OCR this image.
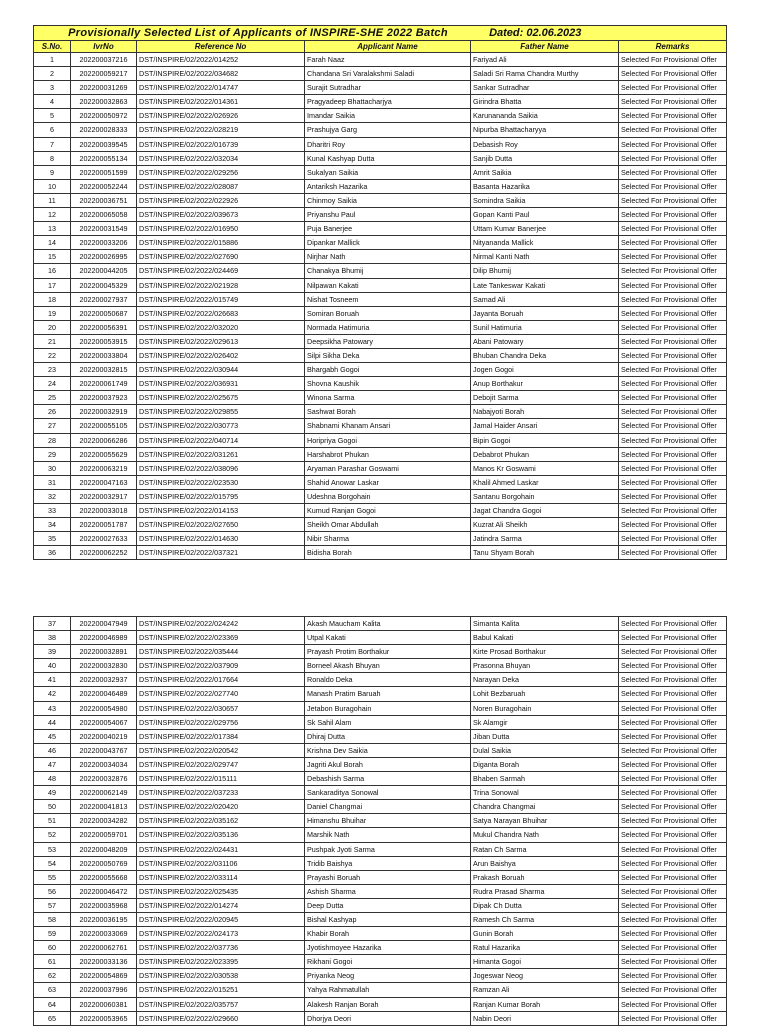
Provisionally Selected List of Applicants of INSPIRE-SHE 2022 Batch Dated: 02.06.2023					
S.No.	IvrNo	Reference No	Applicant Name	Father Name	Remarks
1	202200037216	DST/INSPIRE/02/2022/014252	Farah Naaz	Fariyad Ali	Selected For Provisional Offer
2	202200059217	DST/INSPIRE/02/2022/034682	Chandana Sri Varalakshmi Saladi	Saladi Sri Rama Chandra Murthy	Selected For Provisional Offer
3	202200031269	DST/INSPIRE/02/2022/014747	Surajit Sutradhar	Sankar Sutradhar	Selected For Provisional Offer
4	202200032863	DST/INSPIRE/02/2022/014361	Pragyadeep Bhattacharjya	Girindra Bhatta	Selected For Provisional Offer
5	202200050972	DST/INSPIRE/02/2022/026926	Imandar Saikia	Karunananda Saikia	Selected For Provisional Offer
6	202200028333	DST/INSPIRE/02/2022/028219	Prashujya Garg	Nipurba Bhattacharyya	Selected For Provisional Offer
7	202200039545	DST/INSPIRE/02/2022/016739	Dharitri Roy	Debasish Roy	Selected For Provisional Offer
8	202200055134	DST/INSPIRE/02/2022/032034	Kunal Kashyap Dutta	Sanjib Dutta	Selected For Provisional Offer
9	202200051599	DST/INSPIRE/02/2022/029256	Sukalyan Saikia	Amrit Saikia	Selected For Provisional Offer
10	202200052244	DST/INSPIRE/02/2022/028087	Antariksh Hazarika	Basanta Hazarika	Selected For Provisional Offer
11	202200036751	DST/INSPIRE/02/2022/022926	Chinmoy Saikia	Somindra Saikia	Selected For Provisional Offer
12	202200065058	DST/INSPIRE/02/2022/039673	Priyanshu Paul	Gopan Kanti Paul	Selected For Provisional Offer
13	202200031549	DST/INSPIRE/02/2022/016950	Puja Banerjee	Uttam Kumar Banerjee	Selected For Provisional Offer
14	202200033206	DST/INSPIRE/02/2022/015886	Dipankar Mallick	Nityananda Mallick	Selected For Provisional Offer
15	202200026995	DST/INSPIRE/02/2022/027690	Nirjhar Nath	Nirmal Kanti Nath	Selected For Provisional Offer
16	202200044205	DST/INSPIRE/02/2022/024469	Chanakya Bhumij	Dilip Bhumij	Selected For Provisional Offer
17	202200045329	DST/INSPIRE/02/2022/021928	Nilpawan Kakati	Late Tankeswar Kakati	Selected For Provisional Offer
18	202200027937	DST/INSPIRE/02/2022/015749	Nishat Tosneem	Samad Ali	Selected For Provisional Offer
19	202200050687	DST/INSPIRE/02/2022/026683	Somiran Boruah	Jayanta Boruah	Selected For Provisional Offer
20	202200056391	DST/INSPIRE/02/2022/032020	Normada Hatimuria	Sunil Hatimuria	Selected For Provisional Offer
21	202200053915	DST/INSPIRE/02/2022/029613	Deepsikha Patowary	Abani Patowary	Selected For Provisional Offer
22	202200033804	DST/INSPIRE/02/2022/026402	Silpi Sikha Deka	Bhuban Chandra Deka	Selected For Provisional Offer
23	202200032815	DST/INSPIRE/02/2022/030944	Bhargabh Gogoi	Jogen Gogoi	Selected For Provisional Offer
24	202200061749	DST/INSPIRE/02/2022/036931	Shovna Kaushik	Anup Borthakur	Selected For Provisional Offer
25	202200037923	DST/INSPIRE/02/2022/025675	Winona Sarma	Debojit Sarma	Selected For Provisional Offer
26	202200032919	DST/INSPIRE/02/2022/029855	Sashwat Borah	Nabajyoti Borah	Selected For Provisional Offer
27	202200055105	DST/INSPIRE/02/2022/030773	Shabnami Khanam Ansari	Jamal Haider Ansari	Selected For Provisional Offer
28	202200066286	DST/INSPIRE/02/2022/040714	Horipriya Gogoi	Bipin Gogoi	Selected For Provisional Offer
29	202200055629	DST/INSPIRE/02/2022/031261	Harshabrot Phukan	Debabrot Phukan	Selected For Provisional Offer
30	202200063219	DST/INSPIRE/02/2022/038096	Aryaman Parashar Goswami	Manos Kr Goswami	Selected For Provisional Offer
31	202200047163	DST/INSPIRE/02/2022/023530	Shahid Anowar Laskar	Khalil Ahmed Laskar	Selected For Provisional Offer
32	202200032917	DST/INSPIRE/02/2022/015795	Udeshna Borgohain	Santanu Borgohain	Selected For Provisional Offer
33	202200033018	DST/INSPIRE/02/2022/014153	Kumud Ranjan Gogoi	Jagat Chandra Gogoi	Selected For Provisional Offer
34	202200051787	DST/INSPIRE/02/2022/027650	Sheikh Omar Abdullah	Kuzrat Ali Sheikh	Selected For Provisional Offer
35	202200027633	DST/INSPIRE/02/2022/014630	Nibir Sharma	Jatindra Sarma	Selected For Provisional Offer
36	202200062252	DST/INSPIRE/02/2022/037321	Bidisha Borah	Tanu Shyam Borah	Selected For Provisional Offer
37	202200047949	DST/INSPIRE/02/2022/024242	Akash Maucham Kalita	Simanta Kalita	Selected For Provisional Offer
38	202200046989	DST/INSPIRE/02/2022/023369	Utpal Kakati	Babul Kakati	Selected For Provisional Offer
39	202200032891	DST/INSPIRE/02/2022/035444	Prayash Protim Borthakur	Kirte Prosad Borthakur	Selected For Provisional Offer
40	202200032830	DST/INSPIRE/02/2022/037909	Borneel Akash Bhuyan	Prasonna Bhuyan	Selected For Provisional Offer
41	202200032937	DST/INSPIRE/02/2022/017664	Ronaldo Deka	Narayan Deka	Selected For Provisional Offer
42	202200046489	DST/INSPIRE/02/2022/027740	Manash Pratim Baruah	Lohit Bezbaruah	Selected For Provisional Offer
43	202200054980	DST/INSPIRE/02/2022/030657	Jetabon Buragohain	Noren Buragohain	Selected For Provisional Offer
44	202200054067	DST/INSPIRE/02/2022/029756	Sk Sahil Alam	Sk Alamgir	Selected For Provisional Offer
45	202200040219	DST/INSPIRE/02/2022/017384	Dhiraj Dutta	Jiban Dutta	Selected For Provisional Offer
46	202200043767	DST/INSPIRE/02/2022/020542	Krishna Dev Saikia	Dulal Saikia	Selected For Provisional Offer
47	202200034034	DST/INSPIRE/02/2022/029747	Jagriti Akul Borah	Diganta Borah	Selected For Provisional Offer
48	202200032876	DST/INSPIRE/02/2022/015111	Debashish Sarma	Bhaben Sarmah	Selected For Provisional Offer
49	202200062149	DST/INSPIRE/02/2022/037233	Sankaraditya Sonowal	Trina Sonowal	Selected For Provisional Offer
50	202200041813	DST/INSPIRE/02/2022/020420	Daniel Changmai	Chandra Changmai	Selected For Provisional Offer
51	202200034282	DST/INSPIRE/02/2022/035162	Himanshu Bhuihar	Satya Narayan Bhuihar	Selected For Provisional Offer
52	202200059701	DST/INSPIRE/02/2022/035136	Marshik Nath	Mukul Chandra Nath	Selected For Provisional Offer
53	202200048209	DST/INSPIRE/02/2022/024431	Pushpak Jyoti Sarma	Ratan Ch Sarma	Selected For Provisional Offer
54	202200050769	DST/INSPIRE/02/2022/031106	Tridib Baishya	Arun Baishya	Selected For Provisional Offer
55	202200055668	DST/INSPIRE/02/2022/033114	Prayashi Boruah	Prakash Boruah	Selected For Provisional Offer
56	202200046472	DST/INSPIRE/02/2022/025435	Ashish Sharma	Rudra Prasad Sharma	Selected For Provisional Offer
57	202200035968	DST/INSPIRE/02/2022/014274	Deep Dutta	Dipak Ch Dutta	Selected For Provisional Offer
58	202200036195	DST/INSPIRE/02/2022/020945	Bishal Kashyap	Ramesh Ch Sarma	Selected For Provisional Offer
59	202200033069	DST/INSPIRE/02/2022/024173	Khabir Borah	Gunin Borah	Selected For Provisional Offer
60	202200062761	DST/INSPIRE/02/2022/037736	Jyotishmoyee Hazarika	Ratul Hazarika	Selected For Provisional Offer
61	202200033136	DST/INSPIRE/02/2022/023395	Rikhani Gogoi	Himanta Gogoi	Selected For Provisional Offer
62	202200054869	DST/INSPIRE/02/2022/030538	Priyanka Neog	Jogeswar Neog	Selected For Provisional Offer
63	202200037996	DST/INSPIRE/02/2022/015251	Yahya Rahmatullah	Ramzan Ali	Selected For Provisional Offer
64	202200060381	DST/INSPIRE/02/2022/035757	Alakesh Ranjan Borah	Ranjan Kumar Borah	Selected For Provisional Offer
65	202200053965	DST/INSPIRE/02/2022/029660	Dhorjya Deori	Nabin Deori	Selected For Provisional Offer
